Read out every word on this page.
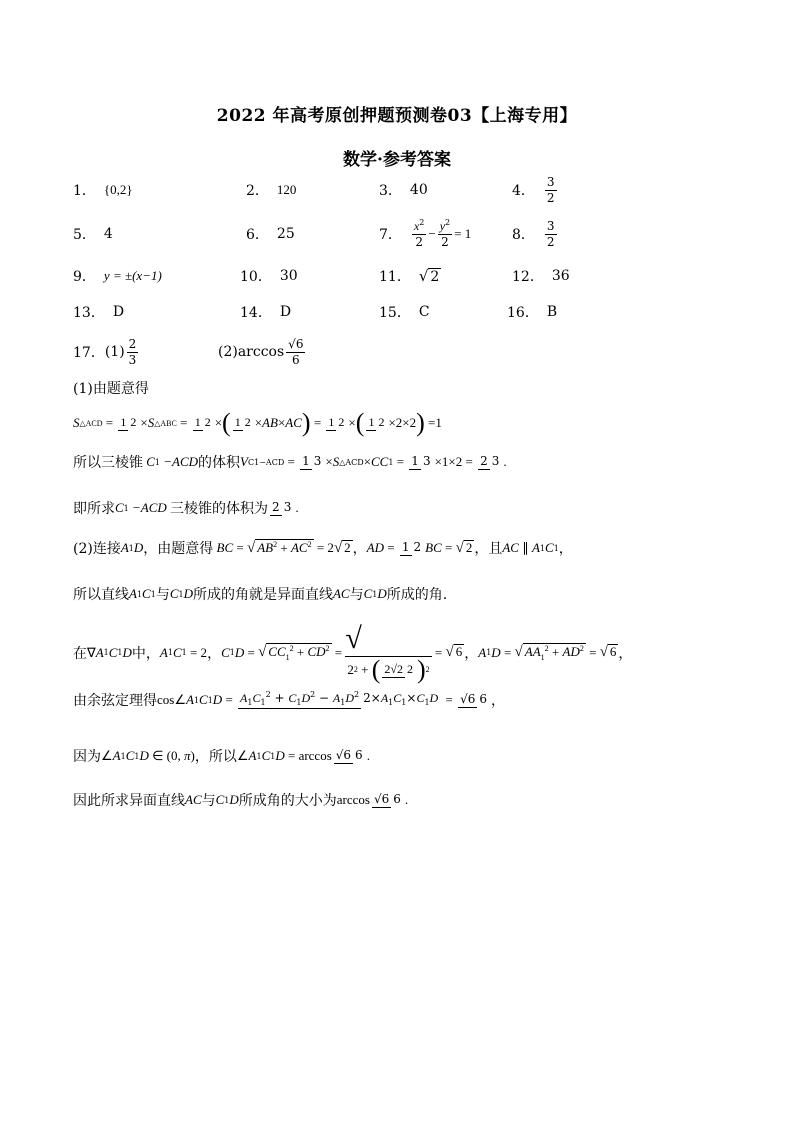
2022 年高考原创押题预测卷03【上海专用】
数学·参考答案
1． {0,2}	2． 120	3． 40	4． $\frac{3}{2}$
5． 4	6． 25	7． $\frac{x^2}{2} - \frac{y^2}{2} = 1$	8． $\frac{3}{2}$
9． y = ±(x−1)	10． 30	11． √ 2	12． 36
13． D	14． D	15． C	16． B
17． $(1) \frac{2}{3}$	$(2)\arccos \frac{√6}{6}$
(1)由题意得
S △ACD = 1 2 × S △ABC = 1 2 × ( 1 2 × AB × AC ) = 1 2 × ( 1 2 ×2×2 ) =1
所以三棱锥 C 1 −ACD 的体积 V C1−ACD = 1 3 × S △ACD × CC 1 = 1 3 ×1×2 = 2 3 .
即所求 C 1 −ACD 三棱锥的体积为 2 3 .
(2)连接 A 1 D ，由题意得 BC = √ AB2 + AC2 = 2 √ 2 ， AD = 1 2 BC = √ 2 ，且 AC ∥ A 1 C 1 ，
所以直线 A 1 C 1 与 C 1 D 所成的角就是异面直线 AC 与 C 1 D 所成的角.
在 ∇ A 1 C 1 D 中， A 1 C 1 = 2 ， C 1 D = √ CC12 + CD2 = √
2 2 + ( 2√2 2 ) 2
= √ 6 ， A 1 D = √ AA12 + AD2 = √ 6 ，
由余弦定理得 cos∠ A 1 C 1 D = A1C12 + C1D2 − A1D2 2×A1C1×C1D = √6 6 ，
因为 ∠ A 1 C 1 D ∈ (0, π) ，所以 ∠ A 1 C 1 D = arccos √6 6 .
因此所求异面直线 AC 与 C 1 D 所成角的大小为 arccos √6 6 .
